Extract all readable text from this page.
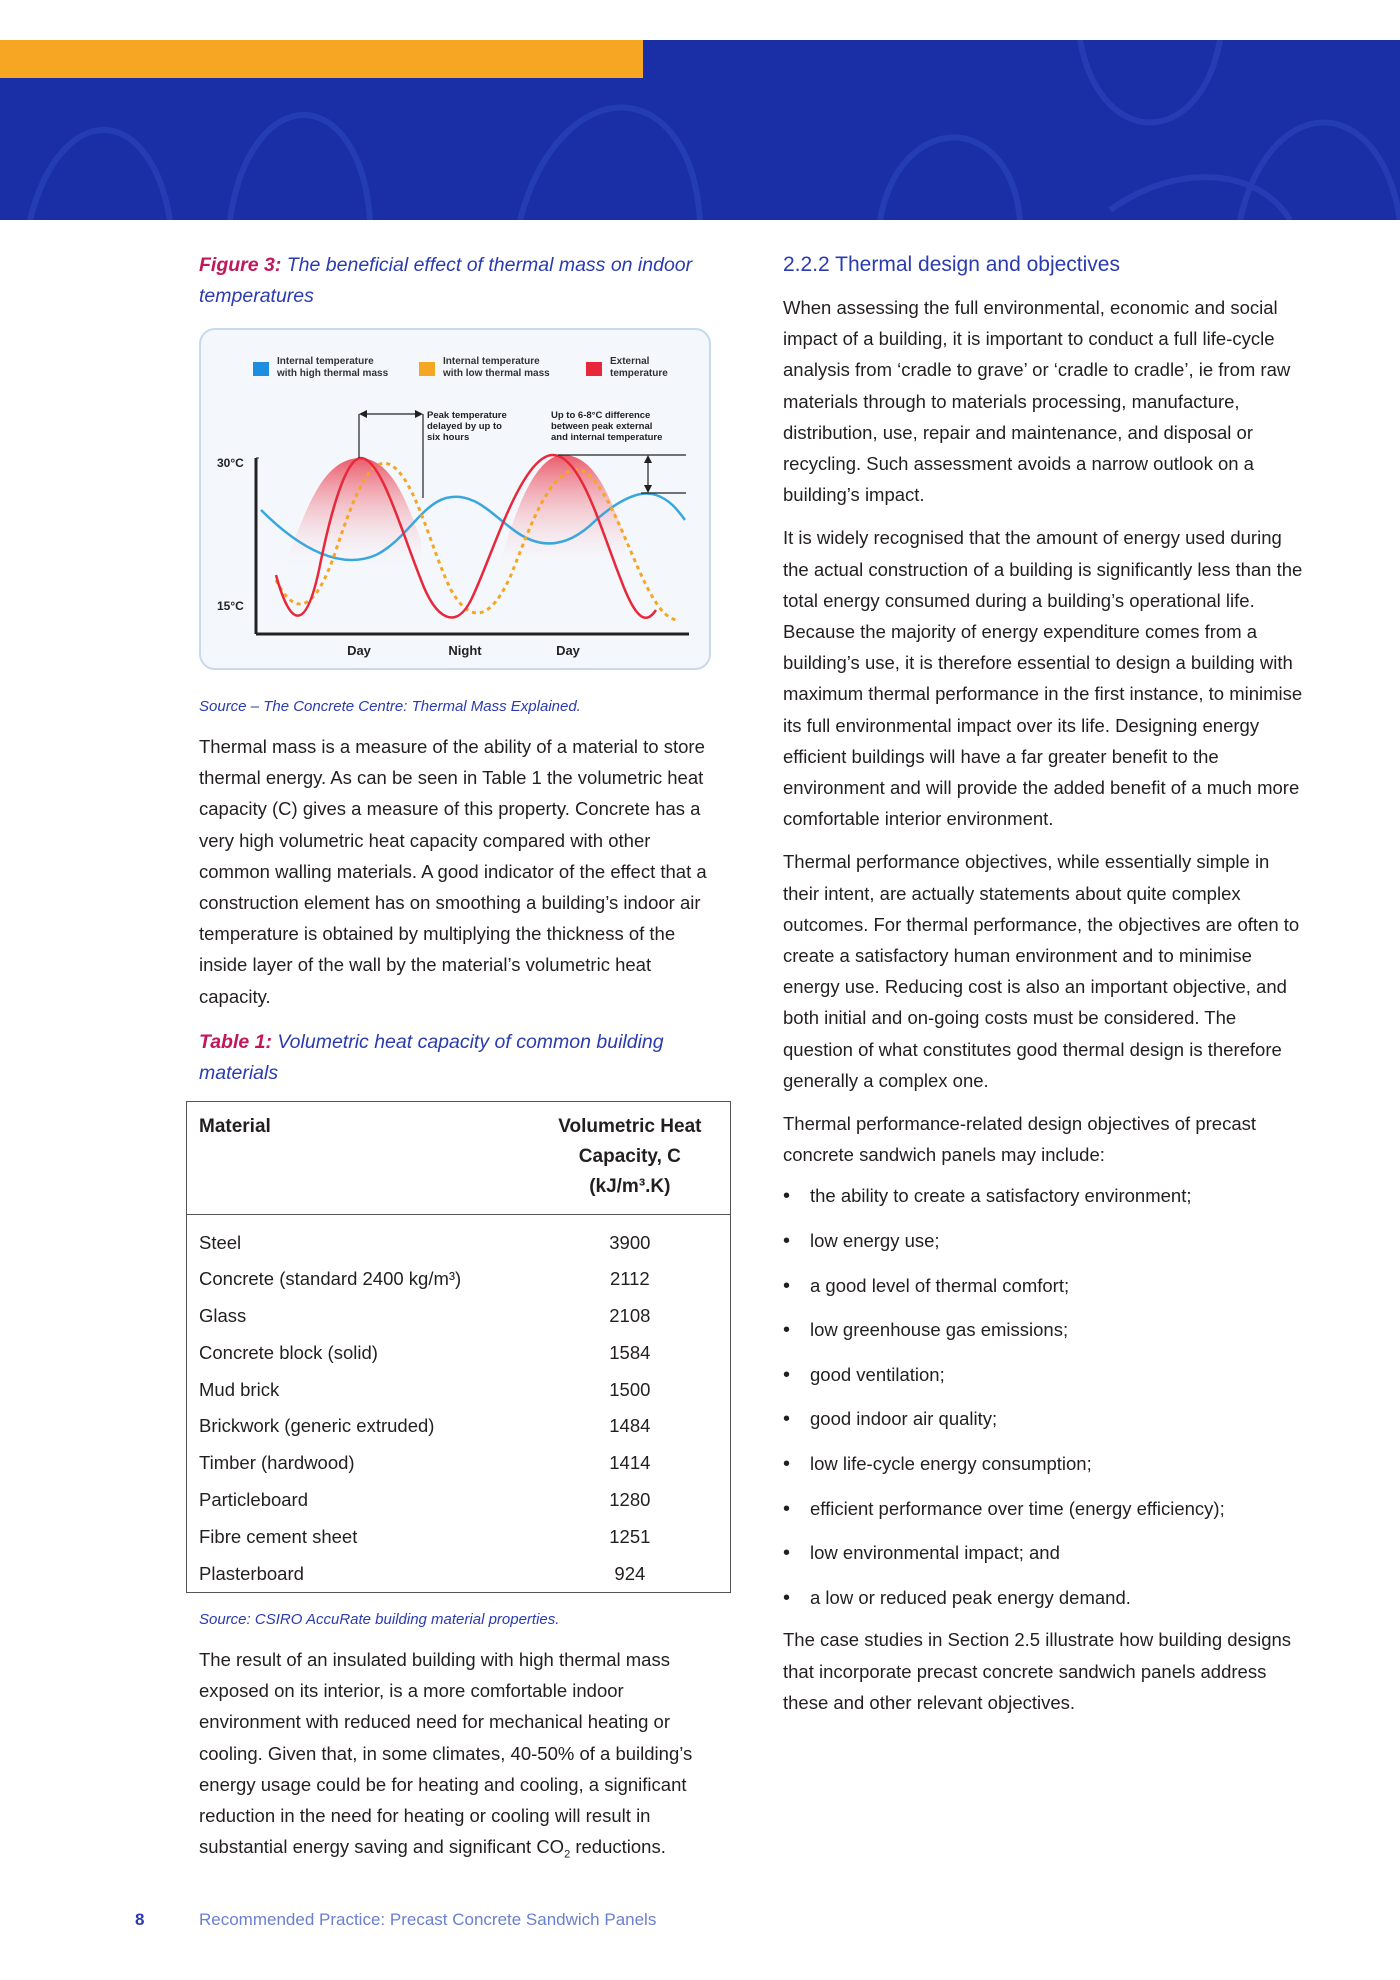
Figure 3: The beneficial effect of thermal mass on indoor temperatures

Internal temperature with high thermal mass
Internal temperature with low thermal mass
External temperature
30°C
15°C
Day	Night	Day
Peak temperature delayed by up to six hours
Up to 6-8°C difference between peak external and internal temperature

Source – The Concrete Centre: Thermal Mass Explained.

Thermal mass is a measure of the ability of a material to store thermal energy. As can be seen in Table 1 the volumetric heat capacity (C) gives a measure of this property. Concrete has a very high volumetric heat capacity compared with other common walling materials. A good indicator of the effect that a construction element has on smoothing a building’s indoor air temperature is obtained by multiplying the thickness of the inside layer of the wall by the material’s volumetric heat capacity.

Table 1: Volumetric heat capacity of common building materials

Material	Volumetric Heat
Capacity, C
(kJ/m³.K)
Steel	3900
Concrete (standard 2400 kg/m³)	2112
Glass	2108
Concrete block (solid)	1584
Mud brick	1500
Brickwork (generic extruded)	1484
Timber (hardwood)	1414
Particleboard	1280
Fibre cement sheet	1251
Plasterboard	924

Source: CSIRO AccuRate building material properties.

The result of an insulated building with high thermal mass exposed on its interior, is a more comfortable indoor environment with reduced need for mechanical heating or cooling. Given that, in some climates, 40-50% of a building’s energy usage could be for heating and cooling, a significant reduction in the need for heating or cooling will result in substantial energy saving and significant $CO_2$ reductions.

2.2.2 Thermal design and objectives

When assessing the full environmental, economic and social impact of a building, it is important to conduct a full life-cycle analysis from ‘cradle to grave’ or ‘cradle to cradle’, ie from raw materials through to materials processing, manufacture, distribution, use, repair and maintenance, and disposal or recycling. Such assessment avoids a narrow outlook on a building’s impact.

It is widely recognised that the amount of energy used during the actual construction of a building is significantly less than the total energy consumed during a building’s operational life. Because the majority of energy expenditure comes from a building’s use, it is therefore essential to design a building with maximum thermal performance in the first instance, to minimise its full environmental impact over its life. Designing energy efficient buildings will have a far greater benefit to the environment and will provide the added benefit of a much more comfortable interior environment.

Thermal performance objectives, while essentially simple in their intent, are actually statements about quite complex outcomes. For thermal performance, the objectives are often to create a satisfactory human environment and to minimise energy use. Reducing cost is also an important objective, and both initial and on-going costs must be considered. The question of what constitutes good thermal design is therefore generally a complex one.

Thermal performance-related design objectives of precast concrete sandwich panels may include:

• the ability to create a satisfactory environment;
• low energy use;
• a good level of thermal comfort;
• low greenhouse gas emissions;
• good ventilation;
• good indoor air quality;
• low life-cycle energy consumption;
• efficient performance over time (energy efficiency);
• low environmental impact; and
• a low or reduced peak energy demand.

The case studies in Section 2.5 illustrate how building designs that incorporate precast concrete sandwich panels address these and other relevant objectives.

8	Recommended Practice: Precast Concrete Sandwich Panels
